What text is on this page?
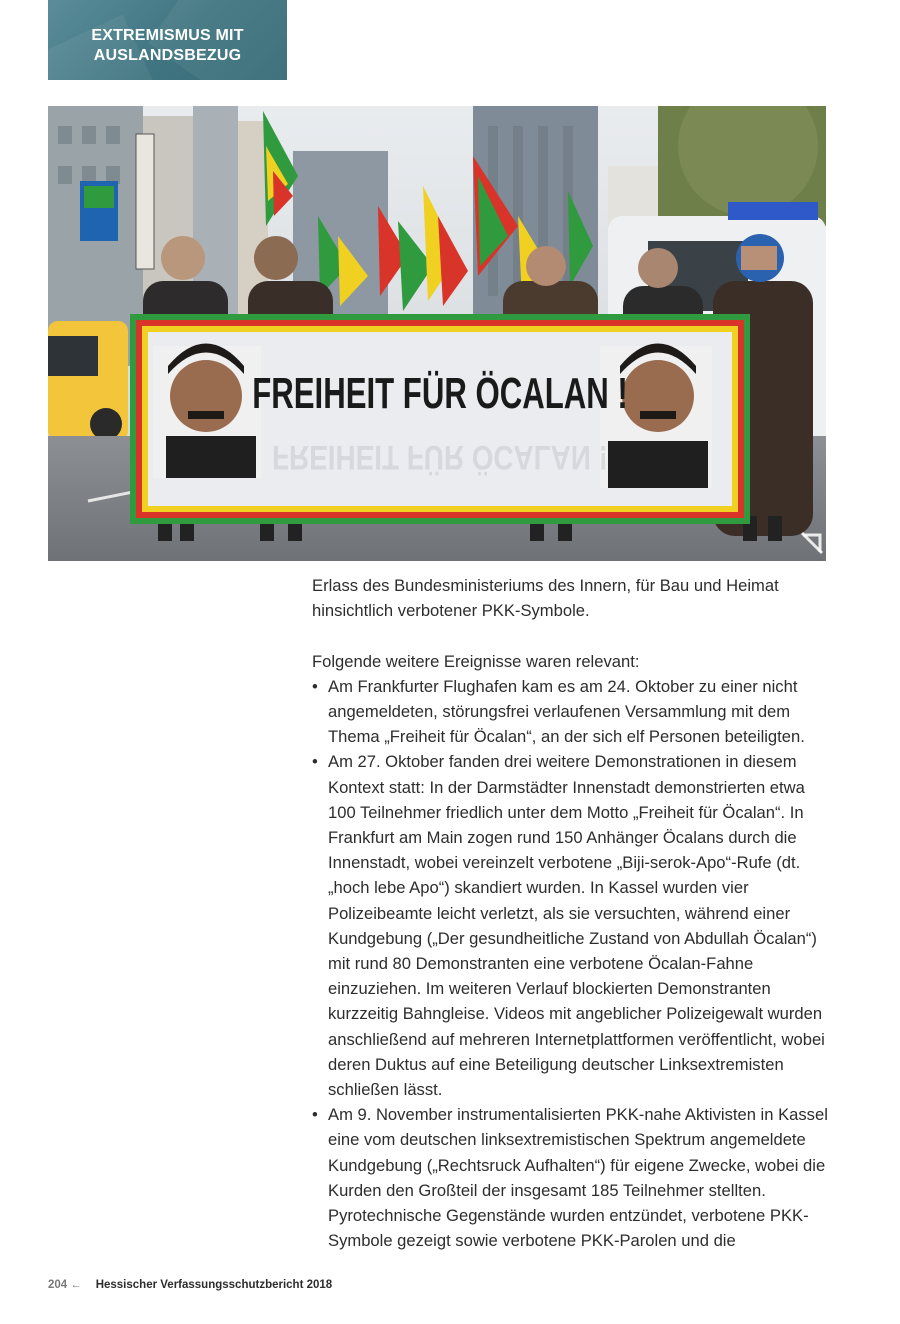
EXTREMISMUS MIT
AUSLANDSBEZUG
FREIHEIT FÜR ÖCALAN !
FREIHEIT FÜR ÖCALAN !

Erlass des Bundesministeriums des Innern, für Bau und Heimat hinsichtlich verbotener PKK-Symbole.

Folgende weitere Ereignisse waren relevant:

• Am Frankfurter Flughafen kam es am 24. Oktober zu einer nicht angemeldeten, störungsfrei verlaufenen Versammlung mit dem Thema „Freiheit für Öcalan“, an der sich elf Personen beteiligten.
• Am 27. Oktober fanden drei weitere Demonstrationen in diesem Kontext statt: In der Darmstädter Innenstadt demonstrierten etwa 100 Teilnehmer friedlich unter dem Motto „Freiheit für Öcalan“. In Frankfurt am Main zogen rund 150 Anhänger Öcalans durch die Innenstadt, wobei vereinzelt verbotene „Biji-serok-Apo“-Rufe (dt. „hoch lebe Apo“) skandiert wurden. In Kassel wurden vier Polizeibeamte leicht verletzt, als sie versuchten, während einer Kundgebung („Der gesundheitliche Zustand von Abdullah Öcalan“) mit rund 80 Demonstranten eine verbotene Öcalan-Fahne einzuziehen. Im weiteren Verlauf blockierten Demonstranten kurzzeitig Bahngleise. Videos mit angeblicher Polizeigewalt wurden anschließend auf mehreren Internetplattformen veröffentlicht, wobei deren Duktus auf eine Beteiligung deutscher Linksextremisten schließen lässt.
• Am 9. November instrumentalisierten PKK-nahe Aktivisten in Kassel eine vom deutschen linksextremistischen Spektrum angemeldete Kundgebung („Rechtsruck Aufhalten“) für eigene Zwecke, wobei die Kurden den Großteil der insgesamt 185 Teilnehmer stellten. Pyrotechnische Gegenstände wurden entzündet, verbotene PKK-Symbole gezeigt sowie verbotene PKK-Parolen und die
204 ← Hessischer Verfassungsschutzbericht 2018
